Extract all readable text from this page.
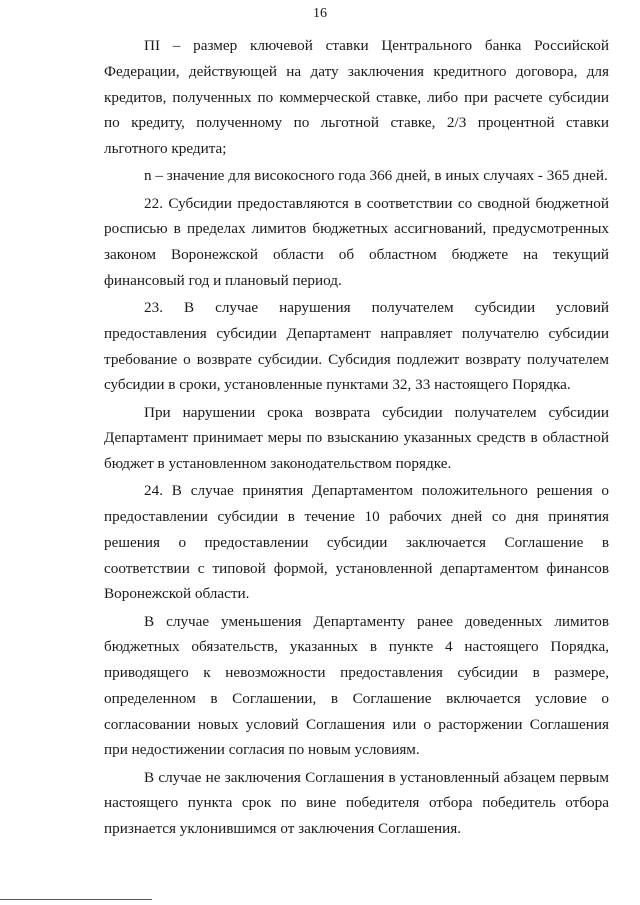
16

ПI – размер ключевой ставки Центрального банка Российской Федерации, действующей на дату заключения кредитного договора, для кредитов, полученных по коммерческой ставке, либо при расчете субсидии по кредиту, полученному по льготной ставке, 2/3 процентной ставки льготного кредита;

n – значение для високосного года 366 дней, в иных случаях - 365 дней.

22. Субсидии предоставляются в соответствии со сводной бюджетной росписью в пределах лимитов бюджетных ассигнований, предусмотренных законом Воронежской области об областном бюджете на текущий финансовый год и плановый период.

23. В случае нарушения получателем субсидии условий предоставления субсидии Департамент направляет получателю субсидии требование о возврате субсидии. Субсидия подлежит возврату получателем субсидии в сроки, установленные пунктами 32, 33 настоящего Порядка.

При нарушении срока возврата субсидии получателем субсидии Департамент принимает меры по взысканию указанных средств в областной бюджет в установленном законодательством порядке.

24. В случае принятия Департаментом положительного решения о предоставлении субсидии в течение 10 рабочих дней со дня принятия решения о предоставлении субсидии заключается Соглашение в соответствии с типовой формой, установленной департаментом финансов Воронежской области.

В случае уменьшения Департаменту ранее доведенных лимитов бюджетных обязательств, указанных в пункте 4 настоящего Порядка, приводящего к невозможности предоставления субсидии в размере, определенном в Соглашении, в Соглашение включается условие о согласовании новых условий Соглашения или о расторжении Соглашения при недостижении согласия по новым условиям.

В случае не заключения Соглашения в установленный абзацем первым настоящего пункта срок по вине победителя отбора победитель отбора признается уклонившимся от заключения Соглашения.
